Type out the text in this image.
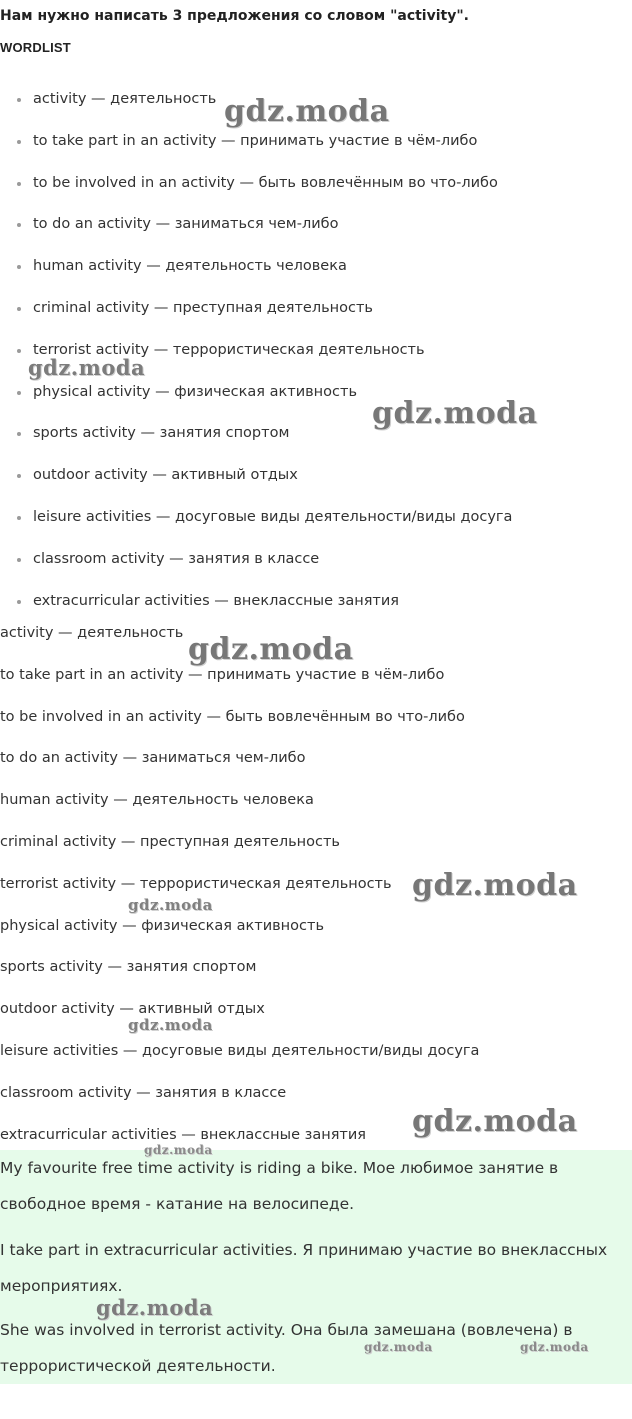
Нам нужно написать 3 предложения со словом "activity".
WORDLIST
activity — деятельность
to take part in an activity — принимать участие в чём-либо
to be involved in an activity — быть вовлечённым во что-либо
to do an activity — заниматься чем-либо
human activity — деятельность человека
criminal activity — преступная деятельность
terrorist activity — террористическая деятельность
physical activity — физическая активность
sports activity — занятия спортом
outdoor activity — активный отдых
leisure activities — досуговые виды деятельности/виды досуга
classroom activity — занятия в классе
extracurricular activities — внеклассные занятия
activity — деятельность
to take part in an activity — принимать участие в чём-либо
to be involved in an activity — быть вовлечённым во что-либо
to do an activity — заниматься чем-либо
human activity — деятельность человека
criminal activity — преступная деятельность
terrorist activity — террористическая деятельность
physical activity — физическая активность
sports activity — занятия спортом
outdoor activity — активный отдых
leisure activities — досуговые виды деятельности/виды досуга
classroom activity — занятия в классе
extracurricular activities — внеклассные занятия

My favourite free time activity is riding a bike. Мое любимое занятие в свободное время - катание на велосипеде.

I take part in extracurricular activities. Я принимаю участие во внеклассных мероприятиях.

She was involved in terrorist activity. Она была замешана (вовлечена) в террористической деятельности.

gdz.moda
gdz.moda
gdz.moda
gdz.moda
gdz.moda
gdz.moda
gdz.moda
gdz.moda
gdz.moda
gdz.moda
gdz.moda	gdz.moda
